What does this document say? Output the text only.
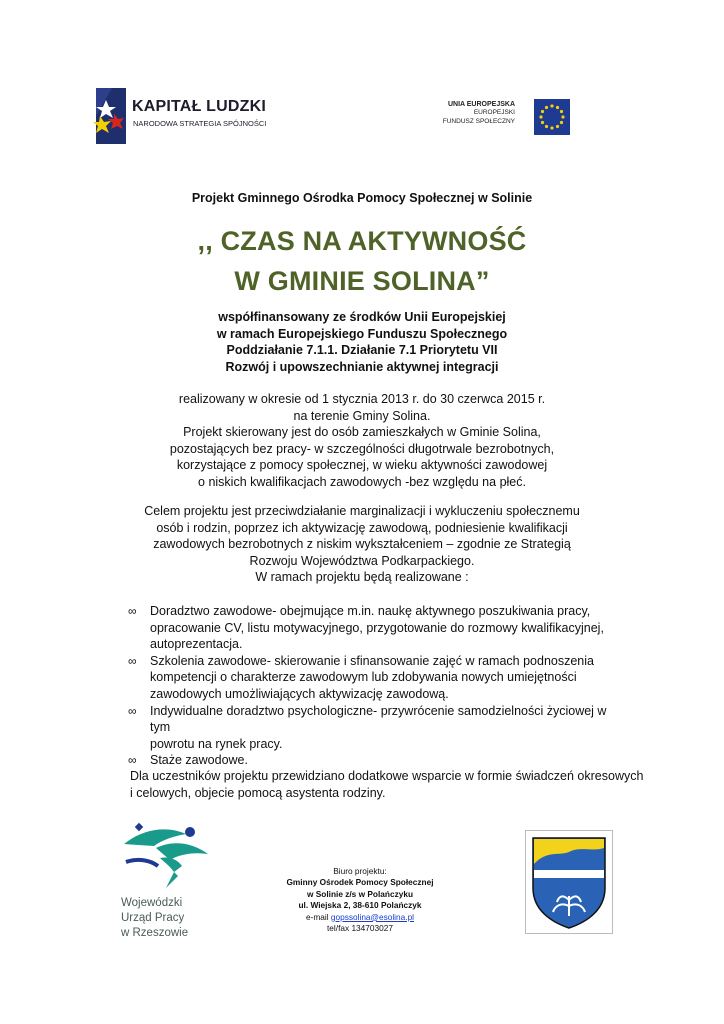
KAPITAŁ LUDZKI
NARODOWA STRATEGIA SPÓJNOŚCI
UNIA EUROPEJSKA
EUROPEJSKI
FUNDUSZ SPOŁECZNY
Projekt Gminnego Ośrodka Pomocy Społecznej w Solinie
,, CZAS NA AKTYWNOŚĆ
W GMINIE SOLINA”
współfinansowany ze środków Unii Europejskiej
w ramach Europejskiego Funduszu Społecznego
Poddziałanie 7.1.1. Działanie 7.1 Priorytetu VII
Rozwój i upowszechnianie aktywnej integracji
realizowany w okresie od 1 stycznia 2013 r. do 30 czerwca 2015 r.
na terenie Gminy Solina.
Projekt skierowany jest do osób zamieszkałych w Gminie Solina,
pozostających bez pracy- w szczególności długotrwale bezrobotnych,
korzystające z pomocy społecznej, w wieku aktywności zawodowej
o niskich kwalifikacjach zawodowych -bez względu na płeć.
Celem projektu jest przeciwdziałanie marginalizacji i wykluczeniu społecznemu
osób i rodzin, poprzez ich aktywizację zawodową, podniesienie kwalifikacji
zawodowych bezrobotnych z niskim wykształceniem – zgodnie ze Strategią
Rozwoju Województwa Podkarpackiego.
W ramach projektu będą realizowane :
∞ Doradztwo zawodowe- obejmujące m.in. naukę aktywnego poszukiwania pracy,
opracowanie CV, listu motywacyjnego, przygotowanie do rozmowy kwalifikacyjnej,
autoprezentacja.
∞ Szkolenia zawodowe- skierowanie i sfinansowanie zajęć w ramach podnoszenia
kompetencji o charakterze zawodowym lub zdobywania nowych umiejętności
zawodowych umożliwiających aktywizację zawodową.
∞ Indywidualne doradztwo psychologiczne- przywrócenie samodzielności życiowej w tym
powrotu na rynek pracy.
∞ Staże zawodowe.
Dla uczestników projektu przewidziano dodatkowe wsparcie w formie świadczeń okresowych
i celowych, objecie pomocą asystenta rodziny.
Wojewódzki
Urząd Pracy
w Rzeszowie
Biuro projektu:
Gminny Ośrodek Pomocy Społecznej
w Solinie z/s w Polańczyku
ul. Wiejska 2, 38-610 Polańczyk
e-mail gopssolina@esolina.pl
tel/fax 134703027
